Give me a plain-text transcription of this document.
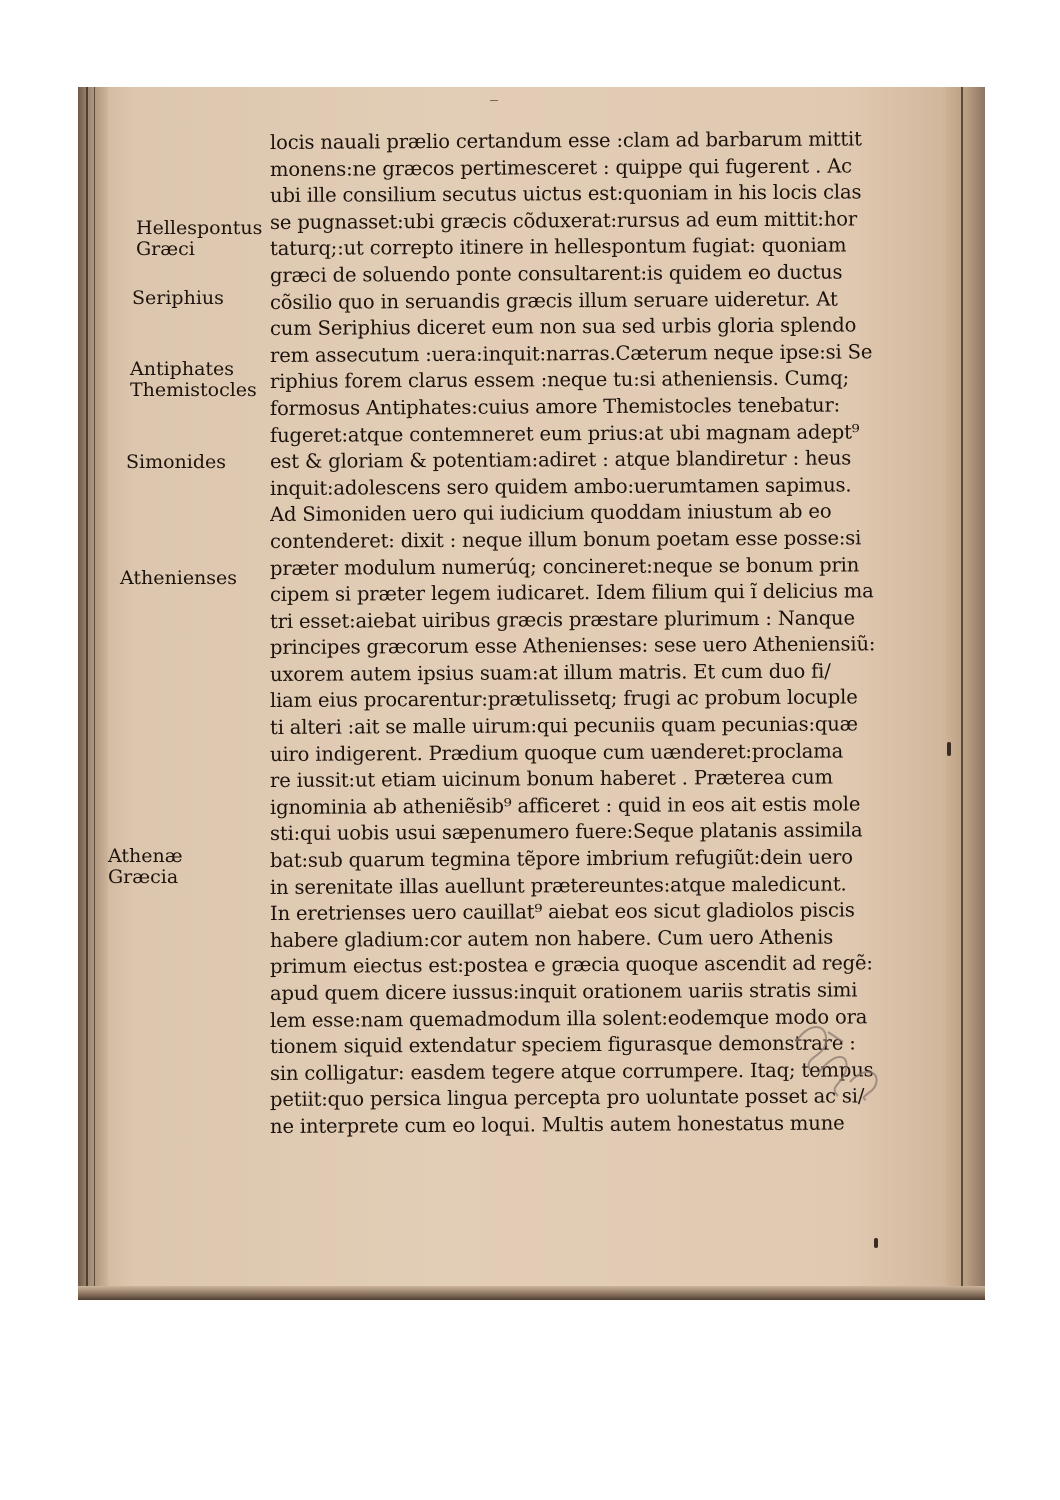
Hellespontus
Græci
Seriphius
Antiphates
Themistocles
Simonides
Athenienses
Athenæ
Græcia
locis nauali prælio certandum esse :clam ad barbarum mittit
monens:ne græcos pertimesceret : quippe qui fugerent . Ac
ubi ille consilium secutus uictus est:quoniam in his locis clas
se pugnasset:ubi græcis cõduxerat:rursus ad eum mittit:hor
taturq;:ut correpto itinere in hellespontum fugiat: quoniam
græci de soluendo ponte consultarent:is quidem eo ductus
cõsilio quo in seruandis græcis illum seruare uideretur. At
cum Seriphius diceret eum non sua sed urbis gloria splendo
rem assecutum :uera:inquit:narras.Cæterum neque ipse:si Se
riphius forem clarus essem :neque tu:si atheniensis. Cumq;
formosus Antiphates:cuius amore Themistocles tenebatur:
fugeret:atque contemneret eum prius:at ubi magnam adept⁹
est & gloriam & potentiam:adiret : atque blandiretur : heus
inquit:adolescens sero quidem ambo:uerumtamen sapimus.
Ad Simoniden uero qui iudicium quoddam iniustum ab eo
contenderet: dixit : neque illum bonum poetam esse posse:si
præter modulum numerúq; concineret:neque se bonum prin
cipem si præter legem iudicaret. Idem filium qui ĩ delicius ma
tri esset:aiebat uiribus græcis præstare plurimum : Nanque
principes græcorum esse Athenienses: sese uero Atheniensiũ:
uxorem autem ipsius suam:at illum matris. Et cum duo fi/
liam eius procarentur:prætulissetq; frugi ac probum locuple
ti alteri :ait se malle uirum:qui pecuniis quam pecunias:quæ
uiro indigerent. Prædium quoque cum uænderet:proclama
re iussit:ut etiam uicinum bonum haberet . Præterea cum
ignominia ab atheniẽsib⁹ afficeret : quid in eos ait estis mole
sti:qui uobis usui sæpenumero fuere:Seque platanis assimila
bat:sub quarum tegmina tẽpore imbrium refugiũt:dein uero
in serenitate illas auellunt prætereuntes:atque maledicunt.
In eretrienses uero cauillat⁹ aiebat eos sicut gladiolos piscis
habere gladium:cor autem non habere. Cum uero Athenis
primum eiectus est:postea e græcia quoque ascendit ad regẽ:
apud quem dicere iussus:inquit orationem uariis stratis simi
lem esse:nam quemadmodum illa solent:eodemque modo ora
tionem siquid extendatur speciem figurasque demonstrare :
sin colligatur: easdem tegere atque corrumpere. Itaq; tempus
petiit:quo persica lingua percepta pro uoluntate posset ac si/
ne interprete cum eo loqui. Multis autem honestatus mune
